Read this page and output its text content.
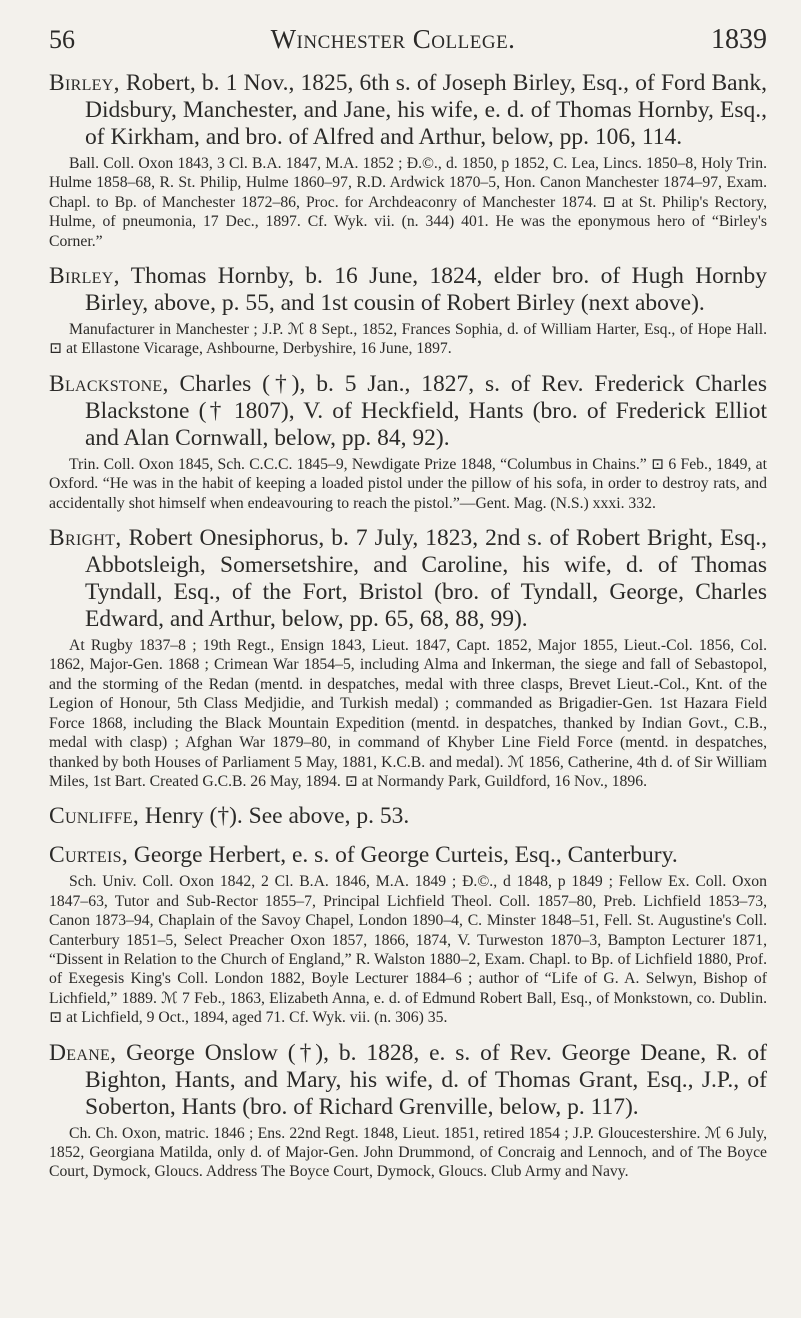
56	Winchester College.	1839

Birley, Robert, b. 1 Nov., 1825, 6th s. of Joseph Birley, Esq., of Ford Bank, Didsbury, Manchester, and Jane, his wife, e. d. of Thomas Hornby, Esq., of Kirkham, and bro. of Alfred and Arthur, below, pp. 106, 114.

Ball. Coll. Oxon 1843, 3 Cl. B.A. 1847, M.A. 1852 ; Ð.©., d. 1850, p 1852, C. Lea, Lincs. 1850–8, Holy Trin. Hulme 1858–68, R. St. Philip, Hulme 1860–97, R.D. Ardwick 1870–5, Hon. Canon Manchester 1874–97, Exam. Chapl. to Bp. of Manchester 1872–86, Proc. for Archdeaconry of Manchester 1874. ⊡ at St. Philip's Rectory, Hulme, of pneumonia, 17 Dec., 1897. Cf. Wyk. vii. (n. 344) 401. He was the eponymous hero of “Birley's Corner.”

Birley, Thomas Hornby, b. 16 June, 1824, elder bro. of Hugh Hornby Birley, above, p. 55, and 1st cousin of Robert Birley (next above).

Manufacturer in Manchester ; J.P. ℳ 8 Sept., 1852, Frances Sophia, d. of William Harter, Esq., of Hope Hall. ⊡ at Ellastone Vicarage, Ashbourne, Derbyshire, 16 June, 1897.

Blackstone, Charles (†), b. 5 Jan., 1827, s. of Rev. Frederick Charles Blackstone († 1807), V. of Heckfield, Hants (bro. of Frederick Elliot and Alan Cornwall, below, pp. 84, 92).

Trin. Coll. Oxon 1845, Sch. C.C.C. 1845–9, Newdigate Prize 1848, “Columbus in Chains.” ⊡ 6 Feb., 1849, at Oxford. “He was in the habit of keeping a loaded pistol under the pillow of his sofa, in order to destroy rats, and accidentally shot himself when endeavouring to reach the pistol.”—Gent. Mag. (N.S.) xxxi. 332.

Bright, Robert Onesiphorus, b. 7 July, 1823, 2nd s. of Robert Bright, Esq., Abbotsleigh, Somersetshire, and Caroline, his wife, d. of Thomas Tyndall, Esq., of the Fort, Bristol (bro. of Tyndall, George, Charles Edward, and Arthur, below, pp. 65, 68, 88, 99).

At Rugby 1837–8 ; 19th Regt., Ensign 1843, Lieut. 1847, Capt. 1852, Major 1855, Lieut.-Col. 1856, Col. 1862, Major-Gen. 1868 ; Crimean War 1854–5, including Alma and Inkerman, the siege and fall of Sebastopol, and the storming of the Redan (mentd. in despatches, medal with three clasps, Brevet Lieut.-Col., Knt. of the Legion of Honour, 5th Class Medjidie, and Turkish medal) ; commanded as Brigadier-Gen. 1st Hazara Field Force 1868, including the Black Mountain Expedition (mentd. in despatches, thanked by Indian Govt., C.B., medal with clasp) ; Afghan War 1879–80, in command of Khyber Line Field Force (mentd. in despatches, thanked by both Houses of Parliament 5 May, 1881, K.C.B. and medal). ℳ 1856, Catherine, 4th d. of Sir William Miles, 1st Bart. Created G.C.B. 26 May, 1894. ⊡ at Normandy Park, Guildford, 16 Nov., 1896.

Cunliffe, Henry (†). See above, p. 53.

Curteis, George Herbert, e. s. of George Curteis, Esq., Canterbury.

Sch. Univ. Coll. Oxon 1842, 2 Cl. B.A. 1846, M.A. 1849 ; Ð.©., d 1848, p 1849 ; Fellow Ex. Coll. Oxon 1847–63, Tutor and Sub-Rector 1855–7, Principal Lichfield Theol. Coll. 1857–80, Preb. Lichfield 1853–73, Canon 1873–94, Chaplain of the Savoy Chapel, London 1890–4, C. Minster 1848–51, Fell. St. Augustine's Coll. Canterbury 1851–5, Select Preacher Oxon 1857, 1866, 1874, V. Turweston 1870–3, Bampton Lecturer 1871, “Dissent in Relation to the Church of England,” R. Walston 1880–2, Exam. Chapl. to Bp. of Lichfield 1880, Prof. of Exegesis King's Coll. London 1882, Boyle Lecturer 1884–6 ; author of “Life of G. A. Selwyn, Bishop of Lichfield,” 1889. ℳ 7 Feb., 1863, Elizabeth Anna, e. d. of Edmund Robert Ball, Esq., of Monkstown, co. Dublin. ⊡ at Lichfield, 9 Oct., 1894, aged 71. Cf. Wyk. vii. (n. 306) 35.

Deane, George Onslow (†), b. 1828, e. s. of Rev. George Deane, R. of Bighton, Hants, and Mary, his wife, d. of Thomas Grant, Esq., J.P., of Soberton, Hants (bro. of Richard Grenville, below, p. 117).

Ch. Ch. Oxon, matric. 1846 ; Ens. 22nd Regt. 1848, Lieut. 1851, retired 1854 ; J.P. Gloucestershire. ℳ 6 July, 1852, Georgiana Matilda, only d. of Major-Gen. John Drummond, of Concraig and Lennoch, and of The Boyce Court, Dymock, Gloucs. Address The Boyce Court, Dymock, Gloucs. Club Army and Navy.
